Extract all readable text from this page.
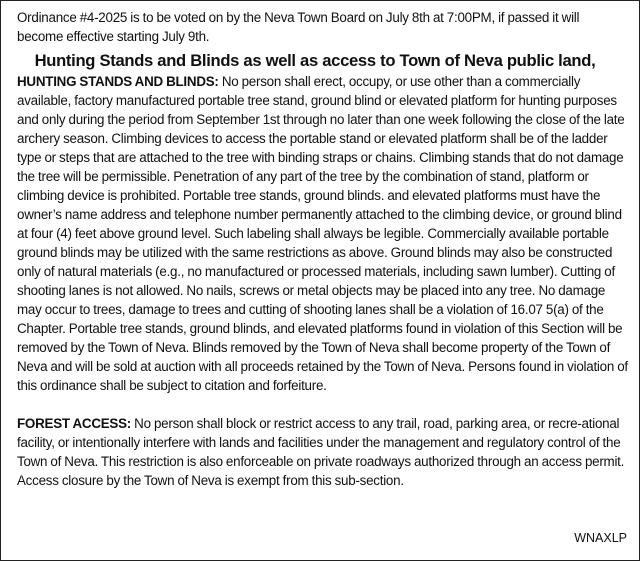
Ordinance #4-2025 is to be voted on by the Neva Town Board on July 8th at 7:00PM, if passed it will become effective starting July 9th.

Hunting Stands and Blinds as well as access to Town of Neva public land,

HUNTING STANDS AND BLINDS: No person shall erect, occupy, or use other than a commercially available, factory manufactured portable tree stand, ground blind or elevated platform for hunting purposes and only during the period from September 1st through no later than one week following the close of the late archery season. Climbing devices to access the portable stand or elevated platform shall be of the ladder type or steps that are attached to the tree with binding straps or chains. Climbing stands that do not damage the tree will be permissible. Penetration of any part of the tree by the combination of stand, platform or climbing device is prohibited. Portable tree stands, ground blinds. and elevated platforms must have the owner’s name address and telephone number permanently attached to the climbing device, or ground blind at four (4) feet above ground level. Such labeling shall always be legible. Commercially available portable ground blinds may be utilized with the same restrictions as above. Ground blinds may also be constructed only of natural materials (e.g., no manufactured or processed materials, including sawn lumber). Cutting of shooting lanes is not allowed. No nails, screws or metal objects may be placed into any tree. No damage may occur to trees, damage to trees and cutting of shooting lanes shall be a violation of 16.07 5(a) of the Chapter. Portable tree stands, ground blinds, and elevated platforms found in violation of this Section will be removed by the Town of Neva. Blinds removed by the Town of Neva shall become property of the Town of Neva and will be sold at auction with all proceeds retained by the Town of Neva. Persons found in violation of this ordinance shall be subject to citation and forfeiture.

FOREST ACCESS: No person shall block or restrict access to any trail, road, parking area, or recre-ational facility, or intentionally interfere with lands and facilities under the management and regulatory control of the Town of Neva. This restriction is also enforceable on private roadways authorized through an access permit. Access closure by the Town of Neva is exempt from this sub-section.

WNAXLP
